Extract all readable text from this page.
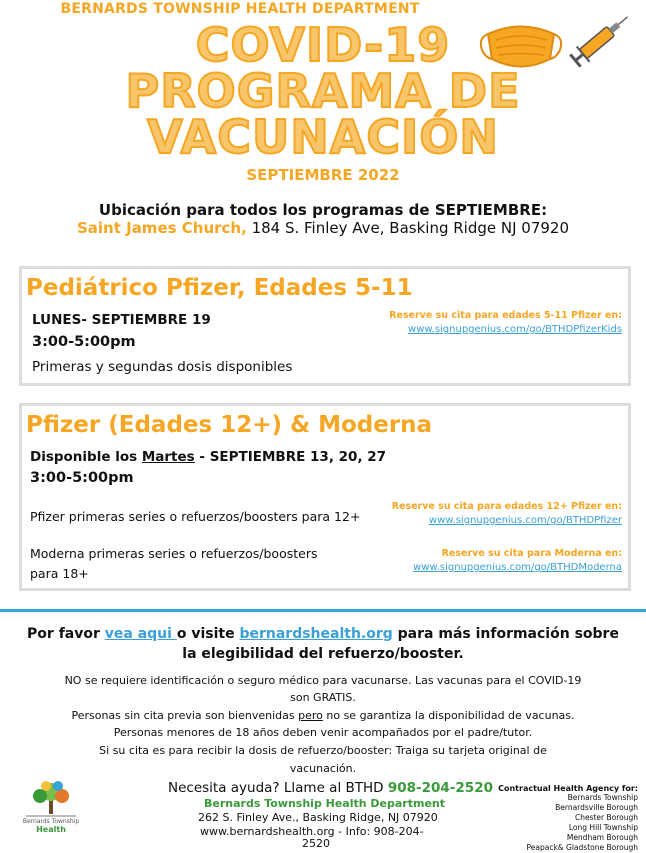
BERNARDS TOWNSHIP HEALTH DEPARTMENT
COVID-19
PROGRAMA DE
VACUNACIÓN
SEPTIEMBRE 2022
Ubicación para todos los programas de SEPTIEMBRE:
Saint James Church, 184 S. Finley Ave, Basking Ridge NJ 07920
Pediátrico Pfizer, Edades 5-11
LUNES- SEPTIEMBRE 19
3:00-5:00pm
Primeras y segundas dosis disponibles
Reserve su cita para edades 5-11 Pfizer en:
www.signupgenius.com/go/BTHDPfizerKids
Pfizer (Edades 12+) & Moderna
Disponible los Martes - SEPTIEMBRE 13, 20, 27
3:00-5:00pm
Pfizer primeras series o refuerzos/boosters para 12+
Reserve su cita para edades 12+ Pfizer en:
www.signupgenius.com/go/BTHDPfizer
Moderna primeras series o refuerzos/boosters
para 18+
Reserve su cita para Moderna en:
www.signupgenius.com/go/BTHDModerna
Por favor vea aqui o visite bernardshealth.org para más información sobre
la elegibilidad del refuerzo/booster.
NO se requiere identificación o seguro médico para vacunarse. Las vacunas para el COVID-19
son GRATIS.
Personas sin cita previa son bienvenidas pero no se garantiza la disponibilidad de vacunas.
Personas menores de 18 años deben venir acompañados por el padre/tutor.
Si su cita es para recibir la dosis de refuerzo/booster: Traiga su tarjeta original de
vacunación.
Bernards Township
Health
Necesita ayuda? Llame al BTHD 908-204-2520
Bernards Township Health Department
262 S. Finley Ave., Basking Ridge, NJ 07920
www.bernardshealth.org - Info: 908-204-
2520
Contractual Health Agency for:
Bernards Township
Bernardsville Borough
Chester Borough
Long Hill Township
Mendham Borough
Peapack& Gladstone Borough
